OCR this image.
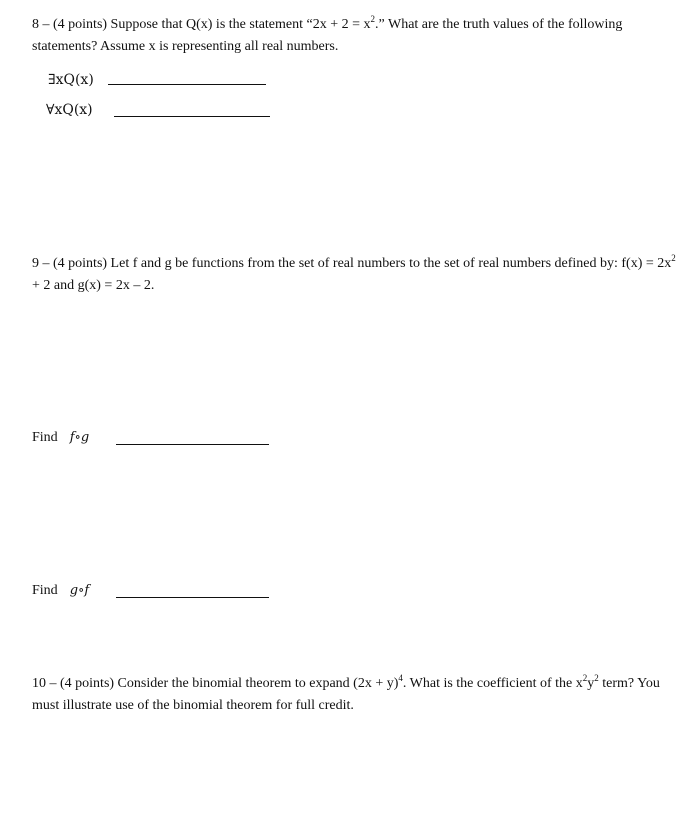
8 – (4 points) Suppose that Q(x) is the statement “$2x + 2 = x^2$.” What are the truth values of the following statements? Assume x is representing all real numbers.
∃xQ(x)
∀xQ(x)
9 – (4 points) Let f and g be functions from the set of real numbers to the set of real numbers defined by: $f(x) = 2x^2 + 2$ and g(x) = 2x – 2.
Find f∘g
Find g∘f
10 – (4 points) Consider the binomial theorem to expand $(2x + y)^4$. What is the coefficient of the $x^2y^2$ term? You must illustrate use of the binomial theorem for full credit.
